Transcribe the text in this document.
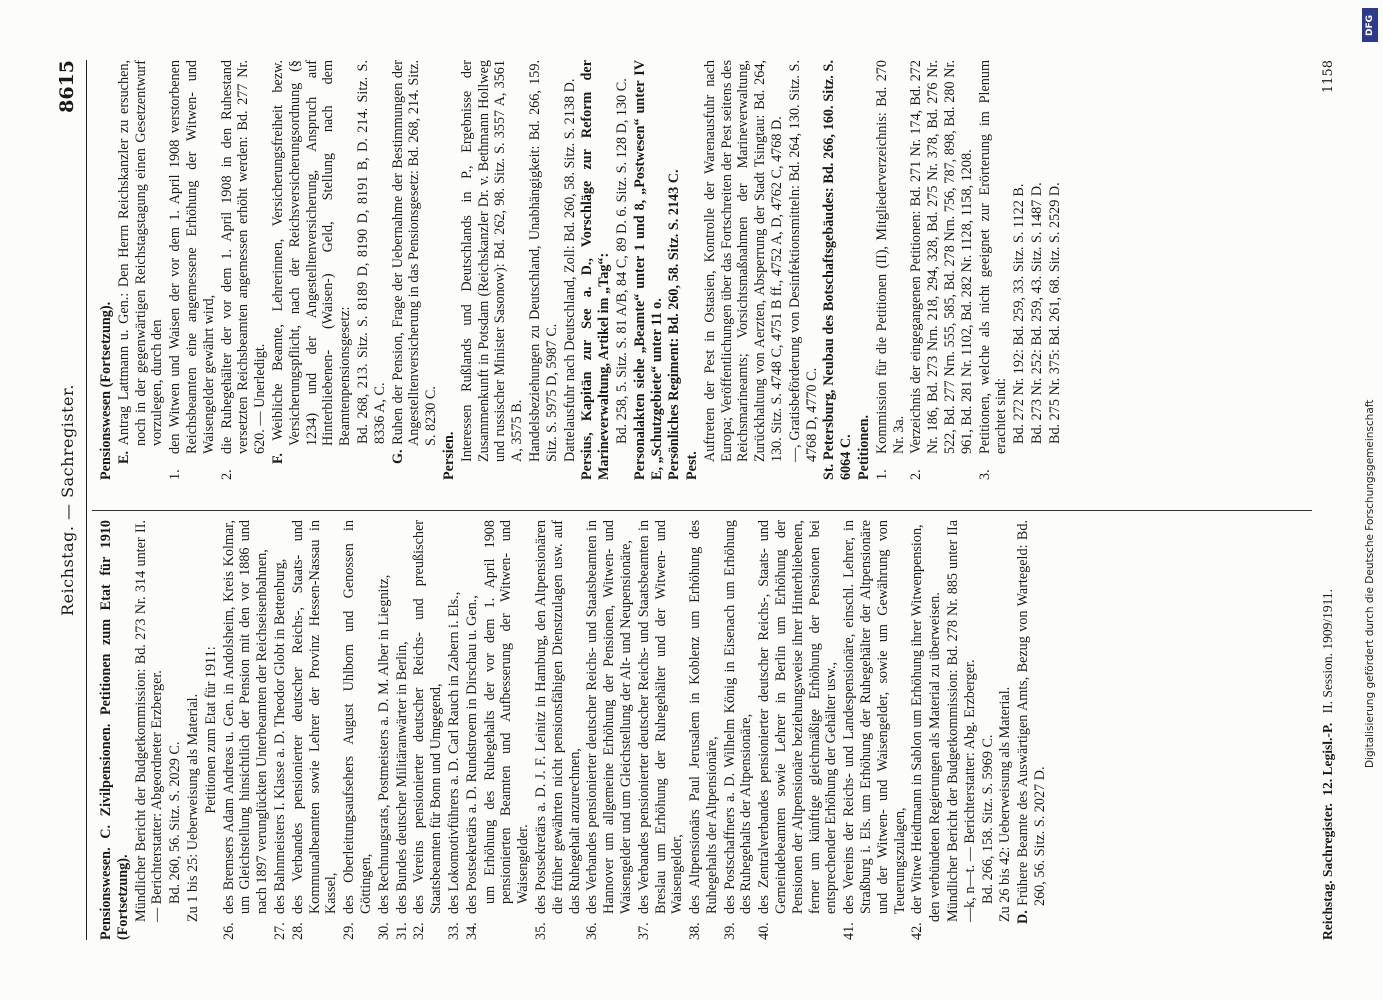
Reichstag. — Sachregister.
8615

Pensionswesen. C. Zivilpensionen. Petitionen zum Etat für 1910 (Fortsetzung). Mündlicher Bericht der Budgetkommission: Bd. 273 Nr. 314 unter II. — Berichterstatter: Abgeordneter Erzberger. Bd. 260, 56. Sitz. S. 2029 C. Zu 1 bis 25: Ueberweisung als Material. Petitionen zum Etat für 1911:

26.des Bremsers Adam Andreas u. Gen. in Andolsheim, Kreis Kolmar, um Gleichstellung hinsichtlich der Pension mit den vor 1886 und nach 1897 verunglückten Unterbeamten der Reichseisenbahnen,

27.des Bahnmeisters I. Klasse a. D. Theodor Globt in Bettenburg,

28.des Verbandes pensionierter deutscher Reichs-, Staats- und Kommunalbeamten sowie Lehrer der Provinz Hessen-Nassau in Kassel,

29.des Oberleitungsaufsehers August Uhlborn und Genossen in Göttingen,

30.des Rechnungsrats, Postmeisters a. D. M. Alber in Liegnitz,

31.des Bundes deutscher Militäranwärter in Berlin,

32.des Vereins pensionierter deutscher Reichs- und preußischer Staatsbeamten für Bonn und Umgegend,

33.des Lokomotivführers a. D. Carl Rauch in Zabern i. Els.,

34.des Postsekretärs a. D. Rundstroem in Dirschau u. Gen., um Erhöhung des Ruhegehalts der vor dem 1. April 1908 pensionierten Beamten und Aufbesserung der Witwen- und Waisengelder.

35.des Postsekretärs a. D. J. F. Leinitz in Hamburg, den Altpensionären die früher gewährten nicht pensionsfähigen Dienstzulagen usw. auf das Ruhegehalt anzurechnen,

36.des Verbandes pensionierter deutscher Reichs- und Staatsbeamten in Hannover um allgemeine Erhöhung der Pensionen, Witwen- und Waisengelder und um Gleichstellung der Alt- und Neupensionäre,

37.des Verbandes pensionierter deutscher Reichs- und Staatsbeamten in Breslau um Erhöhung der Ruhegehälter und der Witwen- und Waisengelder,

38.des Altpensionärs Paul Jerusalem in Koblenz um Erhöhung des Ruhegehalts der Altpensionäre,

39.des Postschaffners a. D. Wilhelm König in Eisenach um Erhöhung des Ruhegehalts der Altpensionäre,

40.des Zentralverbandes pensionierter deutscher Reichs-, Staats- und Gemeindebeamten sowie Lehrer in Berlin um Erhöhung der Pensionen der Altpensionäre beziehungsweise ihrer Hinterbliebenen, ferner um künftige gleichmäßige Erhöhung der Pensionen bei entsprechender Erhöhung der Gehälter usw.,

41.des Vereins der Reichs- und Landespensionäre, einschl. Lehrer, in Straßburg i. Els. um Erhöhung der Ruhegehälter der Altpensionäre und der Witwen- und Waisengelder, sowie um Gewährung von Teuerungszulagen,

42.der Witwe Heidtmann in Sablon um Erhöhung ihrer Witwenpension, den verbündeten Regierungen als Material zu überweisen. Mündlicher Bericht der Budgetkommission: Bd. 278 Nr. 885 unter IIa—k, n—t. — Berichterstatter: Abg. Erzberger. Bd. 266, 158. Sitz. S. 5969 C. Zu 26 bis 42: Ueberweisung als Material. D. Frühere Beamte des Auswärtigen Amts, Bezug von Wartegeld: Bd. 260, 56. Sitz. S. 2027 D.

Pensionswesen (Fortsetzung). E. Antrag Lattmann u. Gen.: Den Herrn Reichskanzler zu ersuchen, noch in der gegenwärtigen Reichstagstagung einen Gesetzentwurf vorzulegen, durch den

1.den Witwen und Waisen der vor dem 1. April 1908 verstorbenen Reichsbeamten eine angemessene Erhöhung der Witwen- und Waisengelder gewährt wird,

2.die Ruhegehälter der vor dem 1. April 1908 in den Ruhestand versetzten Reichsbeamten angemessen erhöht werden: Bd. 277 Nr. 620. — Unerledigt. F. Weibliche Beamte, Lehrerinnen, Versicherungsfreiheit bezw. Versicherungspflicht, nach der Reichsversicherungsordnung (§ 1234) und der Angestelltenversicherung, Anspruch auf Hinterbliebenen- (Waisen-) Geld, Stellung nach dem Beamtenpensionsgesetz: Bd. 268, 213. Sitz. S. 8189 D, 8190 D, 8191 B, D. 214. Sitz. S. 8336 A, C.

G. Ruhen der Pension, Frage der Uebernahme der Bestimmungen der Angestelltenversicherung in das Pensionsgesetz: Bd. 268, 214. Sitz. S. 8230 C.

Persien. Interessen Rußlands und Deutschlands in P., Ergebnisse der Zusammenkunft in Potsdam (Reichskanzler Dr. v. Bethmann Hollweg und russischer Minister Sasonow): Bd. 262, 98. Sitz. S. 3557 A, 3561 A, 3575 B. Handelsbeziehungen zu Deutschland, Unabhängigkeit: Bd. 266, 159. Sitz. S. 5975 D, 5987 C. Dattelausfuhr nach Deutschland, Zoll: Bd. 260, 58. Sitz. S. 2138 D. Persius, Kapitän zur See a. D., Vorschläge zur Reform der Marineverwaltung, Artikel im „Tag“: Bd. 258, 5. Sitz. S. 81 A/B, 84 C, 89 D. 6. Sitz. S. 128 D, 130 C. Personalakten siehe „Beamte“ unter 1 und 8, „Postwesen“ unter IV E, „Schutzgebiete“ unter 11 o. Persönliches Regiment: Bd. 260, 58. Sitz. S. 2143 C. Pest.

Auftreten der Pest in Ostasien, Kontrolle der Warenausfuhr nach Europa; Veröffentlichungen über das Fortschreiten der Pest seitens des Reichsmarineamts; Vorsichtsmaßnahmen der Marineverwaltung, Zurückhaltung von Aerzten, Absperrung der Stadt Tsingtau: Bd. 264, 130. Sitz. S. 4748 C, 4751 B ff., 4752 A, D, 4762 C, 4768 D. —, Gratisbeförderung von Desinfektionsmitteln: Bd. 264, 130. Sitz. S. 4768 D, 4770 C. St. Petersburg, Neubau des Botschaftsgebäudes: Bd. 266, 160. Sitz. S. 6064 C. Petitionen. 1.Kommission für die Petitionen (II), Mitgliederverzeichnis: Bd. 270 Nr. 3a.

2.Verzeichnis der eingegangenen Petitionen: Bd. 271 Nr. 174, Bd. 272 Nr. 186, Bd. 273 Nrn. 218, 294, 328, Bd. 275 Nr. 378, Bd. 276 Nr. 522, Bd. 277 Nrn. 555, 585, Bd. 278 Nrn. 756, 787, 898, Bd. 280 Nr. 961, Bd. 281 Nr. 1102, Bd. 282 Nr. 1128, 1158, 1208.

3.Petitionen, welche als nicht geeignet zur Erörterung im Plenum erachtet sind: Bd. 272 Nr. 192: Bd. 259, 33. Sitz. S. 1122 B. Bd. 273 Nr. 252: Bd. 259, 43. Sitz. S. 1487 D. Bd. 275 Nr. 375: Bd. 261, 68. Sitz. S. 2529 D.

Reichstag. Sachregister. 12. Legisl.-P. II. Session. 1909/1911.
1158
DFG
Digitalisierung gefördert durch die Deutsche Forschungsgemeinschaft
